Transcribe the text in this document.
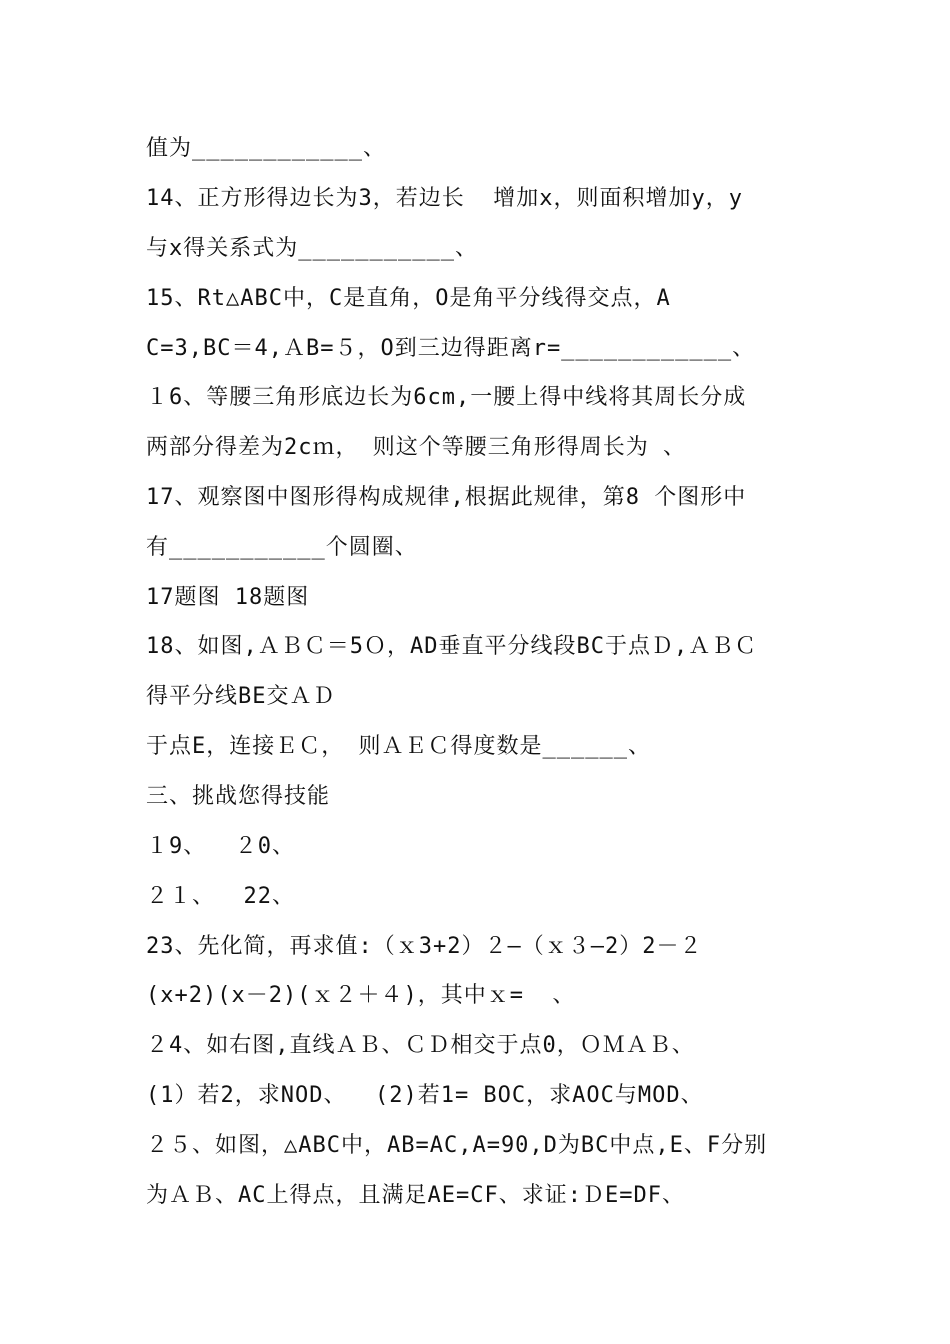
值为____________、
14、正方形得边长为3，若边长  增加x，则面积增加y，y
与x得关系式为___________、
15、Rt△ABC中，C是直角，O是角平分线得交点，A
C=3,BC＝4,ＡB=５，O到三边得距离r=____________、
１6、等腰三角形底边长为6cm,一腰上得中线将其周长分成
两部分得差为2cｍ， 则这个等腰三角形得周长为 、
17、观察图中图形得构成规律,根据此规律，第8 个图形中
有___________个圆圈、
17题图 18题图
18、如图,ＡＢＣ＝5Ｏ，AD垂直平分线段BC于点Ｄ,ＡＢＣ
得平分线BE交ＡＤ
于点E，连接ＥＣ， 则ＡＥＣ得度数是______、
三、挑战您得技能
１9、  ２0、
２１、  22、
23、先化简，再求值:（ｘ3+2）２—（ｘ３—2）2－２
(x+2)(x－2)(ｘ２＋４)，其中ｘ=  、
２4、如右图,直线ＡＢ、ＣＤ相交于点0，ＯＭＡＢ、
(1）若2，求NOD、  (2)若1= BOC，求AOC与MOD、
２５、如图，△ABC中，AB=AC,A=90,D为BC中点,E、F分别
为ＡＢ、AC上得点，且满足AE=CF、求证:ＤE=DF、
